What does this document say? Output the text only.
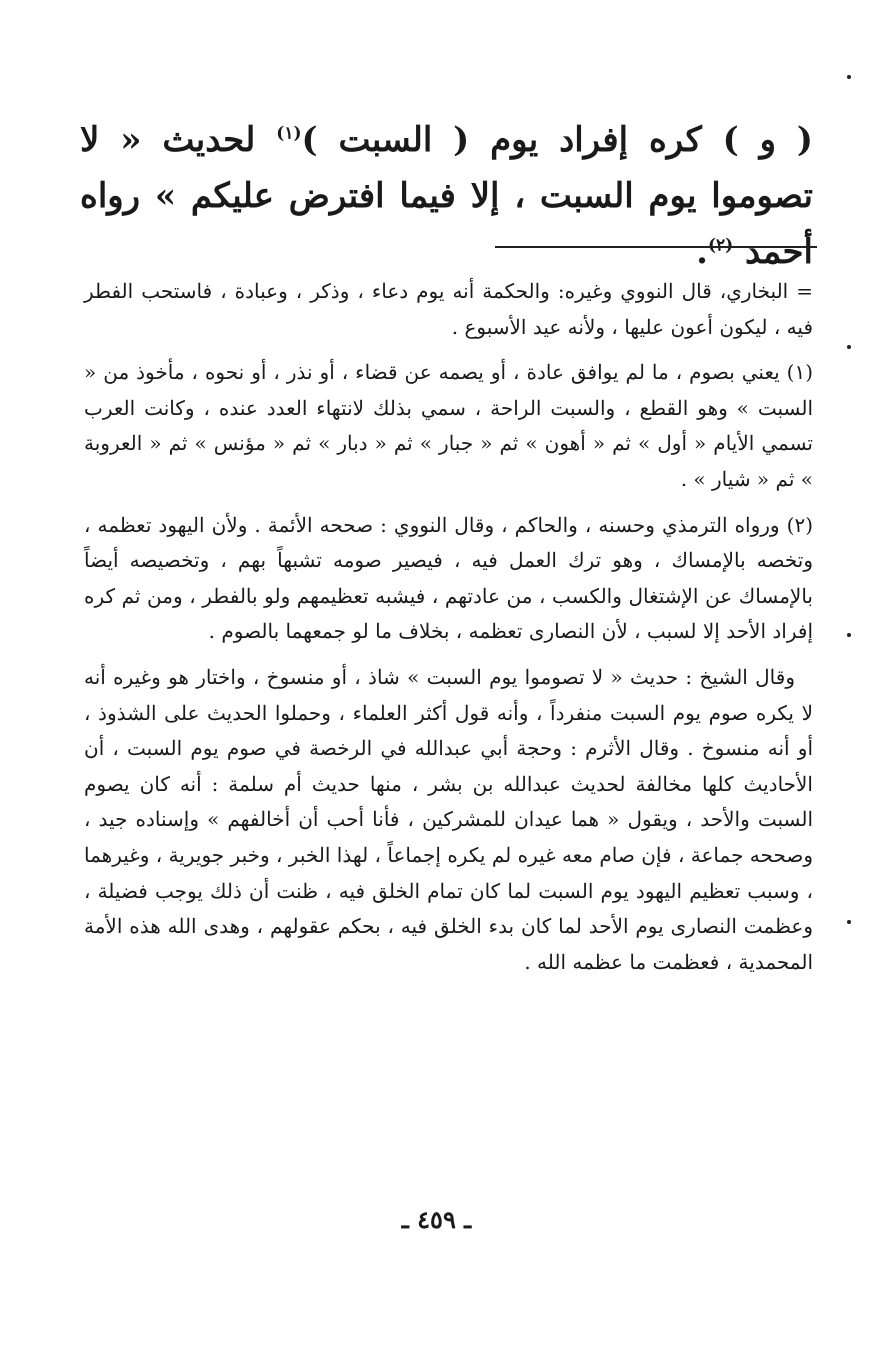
( و ) كره إفراد يوم ( السبت )$^{(١)}$ لحديث « لا تصوموا يوم السبت ، إلا فيما افترض عليكم » رواه أحمد $^{(٢)}$.

= البخاري، قال النووي وغيره: والحكمة أنه يوم دعاء ، وذكر ، وعبادة ، فاستحب الفطر فيه ، ليكون أعون عليها ، ولأنه عيد الأسبوع .

(١) يعني بصوم ، ما لم يوافق عادة ، أو يصمه عن قضاء ، أو نذر ، أو نحوه ، مأخوذ من « السبت » وهو القطع ، والسبت الراحة ، سمي بذلك لانتهاء العدد عنده ، وكانت العرب تسمي الأيام « أول » ثم « أهون » ثم « جبار » ثم « دبار » ثم « مؤنس » ثم « العروبة » ثم « شيار » .

(٢) ورواه الترمذي وحسنه ، والحاكم ، وقال النووي : صححه الأئمة . ولأن اليهود تعظمه ، وتخصه بالإمساك ، وهو ترك العمل فيه ، فيصير صومه تشبهاً بهم ، وتخصيصه أيضاً بالإمساك عن الإشتغال والكسب ، من عادتهم ، فيشبه تعظيمهم ولو بالفطر ، ومن ثم كره إفراد الأحد إلا لسبب ، لأن النصارى تعظمه ، بخلاف ما لو جمعهما بالصوم .

وقال الشيخ : حديث « لا تصوموا يوم السبت » شاذ ، أو منسوخ ، واختار هو وغيره أنه لا يكره صوم يوم السبت منفرداً ، وأنه قول أكثر العلماء ، وحملوا الحديث على الشذوذ ، أو أنه منسوخ . وقال الأثرم : وحجة أبي عبدالله في الرخصة في صوم يوم السبت ، أن الأحاديث كلها مخالفة لحديث عبدالله بن بشر ، منها حديث أم سلمة : أنه كان يصوم السبت والأحد ، ويقول « هما عيدان للمشركين ، فأنا أحب أن أخالفهم » وإسناده جيد ، وصححه جماعة ، فإن صام معه غيره لم يكره إجماعاً ، لهذا الخبر ، وخبر جويرية ، وغيرهما ، وسبب تعظيم اليهود يوم السبت لما كان تمام الخلق فيه ، ظنت أن ذلك يوجب فضيلة ، وعظمت النصارى يوم الأحد لما كان بدء الخلق فيه ، بحكم عقولهم ، وهدى الله هذه الأمة المحمدية ، فعظمت ما عظمه الله .

ـ ٤٥٩ ـ
